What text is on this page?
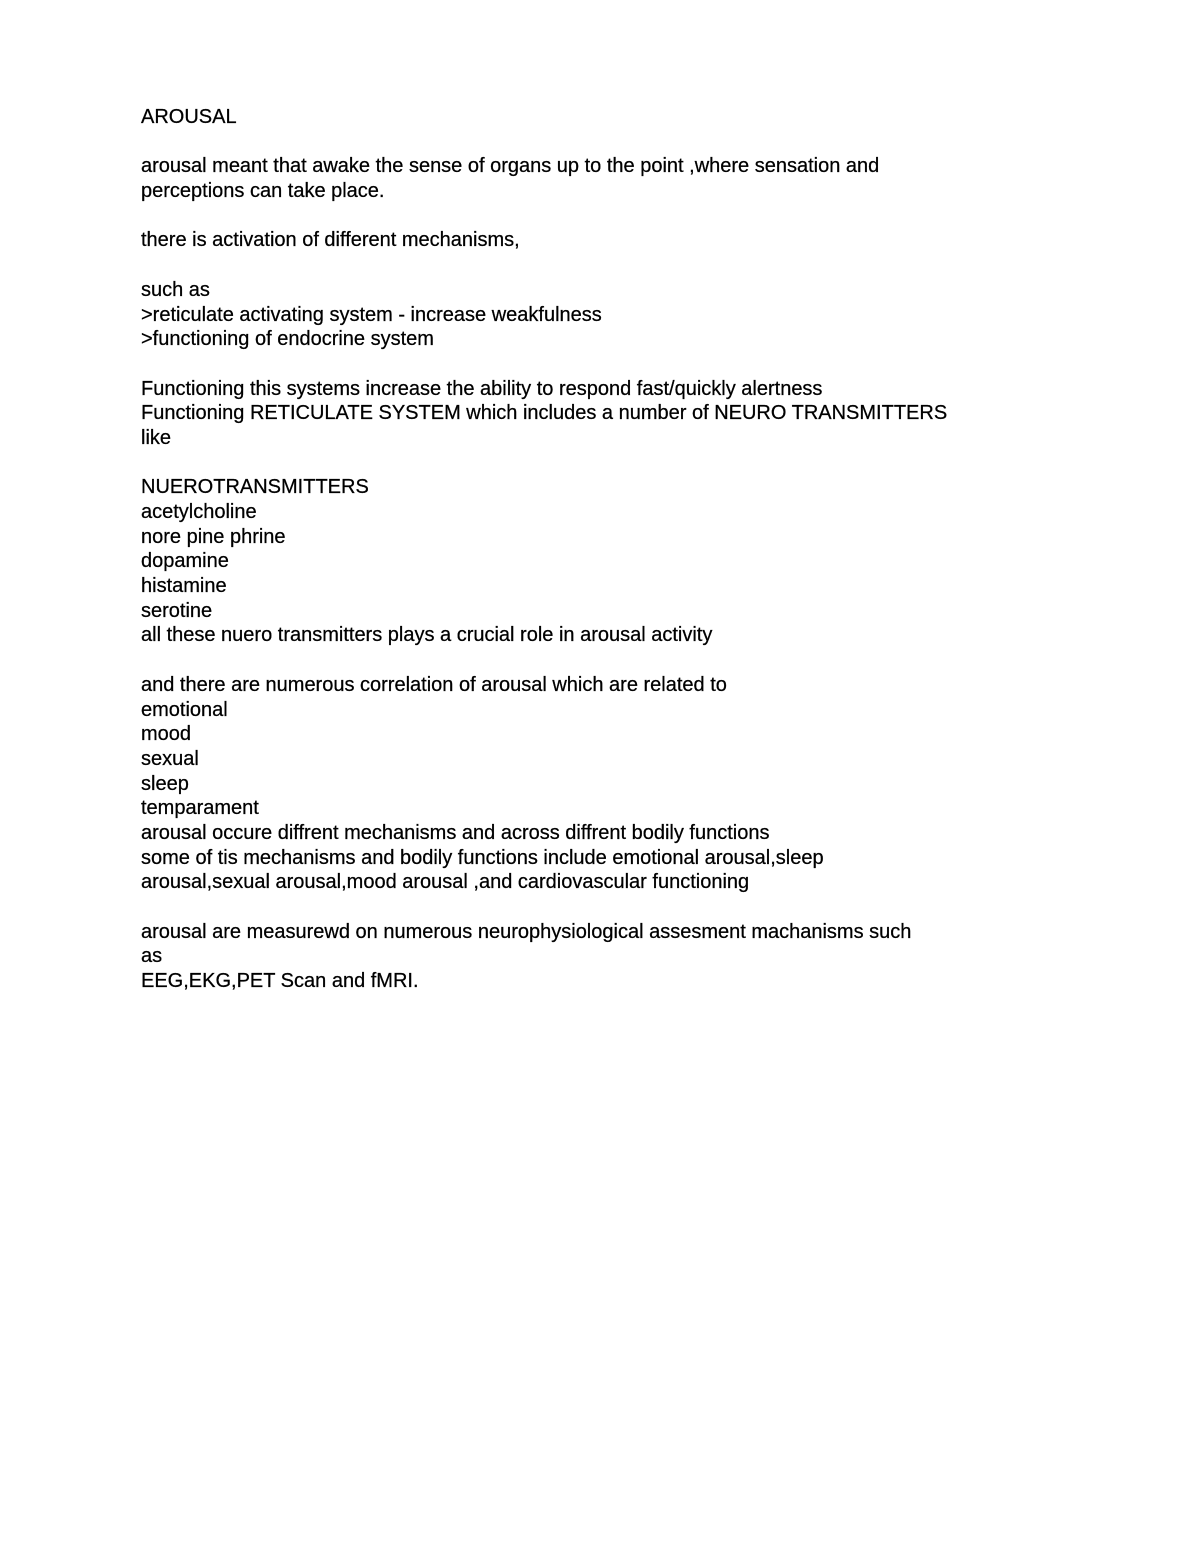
AROUSAL
arousal meant that awake the sense of organs up to the point ,where sensation and
perceptions can take place.
there is activation of different mechanisms,
such as
>reticulate activating system - increase weakfulness
>functioning of endocrine system
Functioning this systems increase the ability to respond fast/quickly alertness
Functioning RETICULATE SYSTEM which includes a number of NEURO TRANSMITTERS
like
NUEROTRANSMITTERS
acetylcholine
nore pine phrine
dopamine
histamine
serotine
all these nuero transmitters plays a crucial role in arousal activity
and there are numerous correlation of arousal which are related to
emotional
mood
sexual
sleep
temparament
arousal occure diffrent mechanisms and across diffrent bodily functions
some of tis mechanisms and bodily functions include emotional arousal,sleep
arousal,sexual arousal,mood arousal ,and cardiovascular functioning
arousal are measurewd on numerous neurophysiological assesment machanisms such
as
EEG,EKG,PET Scan and fMRI.
